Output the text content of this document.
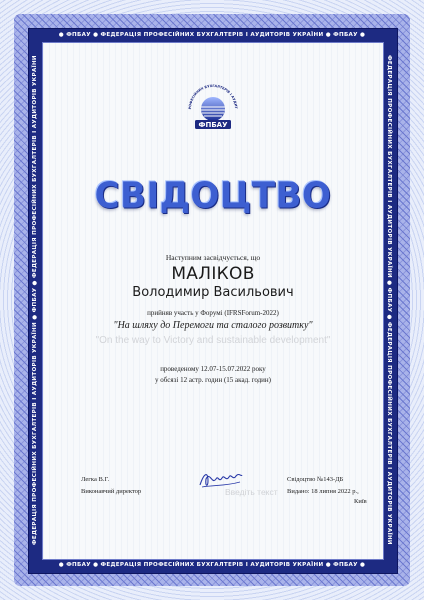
● ФПБАУ ● ФЕДЕРАЦІЯ ПРОФЕСІЙНИХ БУХГАЛТЕРІВ І АУДИТОРІВ УКРАЇНИ ● ФПБАУ ●
● ФПБАУ ● ФЕДЕРАЦІЯ ПРОФЕСІЙНИХ БУХГАЛТЕРІВ І АУДИТОРІВ УКРАЇНИ ● ФПБАУ ●
ФЕДЕРАЦІЯ ПРОФЕСІЙНИХ БУХГАЛТЕРІВ І АУДИТОРІВ УКРАЇНИ ● ФПБАУ ● ФЕДЕРАЦІЯ ПРОФЕСІЙНИХ БУХГАЛТЕРІВ І АУДИТОРІВ УКРАЇНИ	ФЕДЕРАЦІЯ ПРОФЕСІЙНИХ БУХГАЛТЕРІВ І АУДИТОРІВ УКРАЇНИ ● ФПБАУ ● ФЕДЕРАЦІЯ ПРОФЕСІЙНИХ БУХГАЛТЕРІВ І АУДИТОРІВ УКРАЇНИ
РОФЕСІЙНИХ БУХГАЛТЕРІВ І АУДИТ
ФПБАУ
СВІДОЦТВО
Наступним засвідчується, що
МАЛІКОВ
Володимир Васильович
прийняв участь у Форумі (IFRSForum-2022)
"На шляху до Перемоги та сталого розвитку"
"On the way to Victory and sustainable development"
проведеному 12.07-15.07.2022 року
у обсязі 12 астр. годин (15 акад. годин)
Легка В.Г.
Виконавчий директор	Введіть текст
Свідоцтво №143-ДБ
Видано: 18 липня 2022 р.,
Київ
